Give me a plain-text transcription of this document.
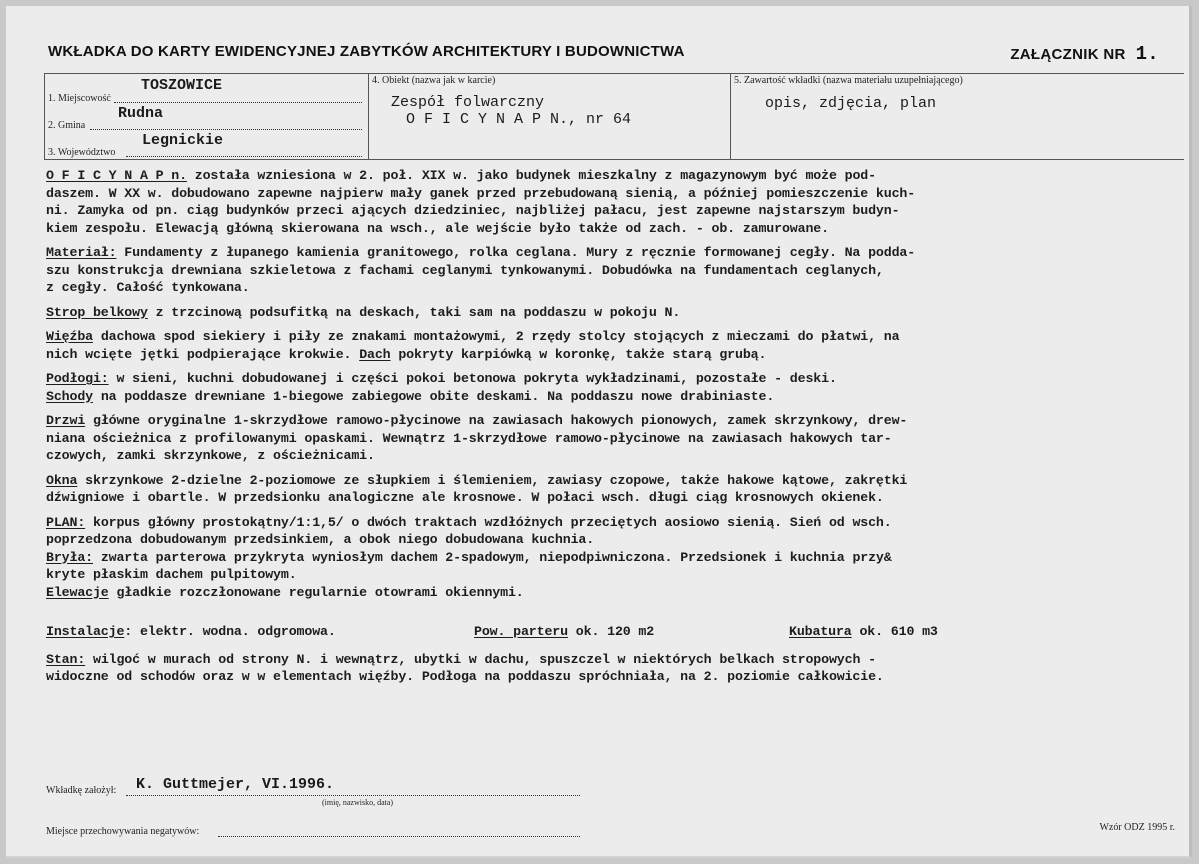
WKŁADKA DO KARTY EWIDENCYJNEJ ZABYTKÓW ARCHITEKTURY I BUDOWNICTWA	ZAŁĄCZNIK NR 1.
TOSZOWICE
1. Miejscowość
Rudna
2. Gmina
Legnickie
3. Województwo
4. Obiekt (nazwa jak w karcie)
Zespół folwarczny
O F I C Y N A P N., nr 64
5. Zawartość wkładki (nazwa materiału uzupełniającego)
opis, zdjęcia, plan
O F I C Y N A P n. została wzniesiona w 2. poł. XIX w. jako budynek mieszkalny z magazynowym być może pod-
daszem. W XX w. dobudowano zapewne najpierw mały ganek przed przebudowaną sienią, a później pomieszczenie kuch-
ni. Zamyka od pn. ciąg budynków przeci ających dziedziniec, najbliżej pałacu, jest zapewne najstarszym budyn-
kiem zespołu. Elewacją główną skierowana na wsch., ale wejście było także od zach. - ob. zamurowane.
Materiał: Fundamenty z łupanego kamienia granitowego, rolka ceglana. Mury z ręcznie formowanej cegły. Na podda-
szu konstrukcja drewniana szkieletowa z fachami ceglanymi tynkowanymi. Dobudówka na fundamentach ceglanych,
z cegły. Całość tynkowana.
Strop belkowy z trzcinową podsufitką na deskach, taki sam na poddaszu w pokoju N.
Więźba dachowa spod siekiery i piły ze znakami montażowymi, 2 rzędy stolcy stojących z mieczami do płatwi, na
nich wcięte jętki podpierające krokwie. Dach pokryty karpiówką w koronkę, także starą grubą.
Podłogi: w sieni, kuchni dobudowanej i części pokoi betonowa pokryta wykładzinami, pozostałe - deski.
Schody na poddasze drewniane 1-biegowe zabiegowe obite deskami. Na poddaszu nowe drabiniaste.
Drzwi główne oryginalne 1-skrzydłowe ramowo-płycinowe na zawiasach hakowych pionowych, zamek skrzynkowy, drew-
niana ościeżnica z profilowanymi opaskami. Wewnątrz 1-skrzydłowe ramowo-płycinowe na zawiasach hakowych tar-
czowych, zamki skrzynkowe, z ościeżnicami.
Okna skrzynkowe 2-dzielne 2-poziomowe ze słupkiem i ślemieniem, zawiasy czopowe, także hakowe kątowe, zakrętki
dźwigniowe i obartle. W przedsionku analogiczne ale krosnowe. W połaci wsch. długi ciąg krosnowych okienek.
PLAN: korpus główny prostokątny/1:1,5/ o dwóch traktach wzdłóżnych przeciętych aosiowo sienią. Sień od wsch.
poprzedzona dobudowanym przedsinkiem, a obok niego dobudowana kuchnia.
Bryła: zwarta parterowa przykryta wyniosłym dachem 2-spadowym, niepodpiwniczona. Przedsionek i kuchnia przy&
kryte płaskim dachem pulpitowym.
Elewacje gładkie rozczłonowane regularnie otowrami okiennymi.
Instalacje: elektr. wodna. odgromowa.	Pow. parteru ok. 120 m2	Kubatura ok. 610 m3
Stan: wilgoć w murach od strony N. i wewnątrz, ubytki w dachu, spuszczel w niektórych belkach stropowych -
widoczne od schodów oraz w w elementach więźby. Podłoga na poddaszu spróchniała, na 2. poziomie całkowicie.
Wkładkę założył: K. Guttmejer, VI.1996.
(imię, nazwisko, data)
Miejsce przechowywania negatywów:	Wzór ODZ 1995 r.
